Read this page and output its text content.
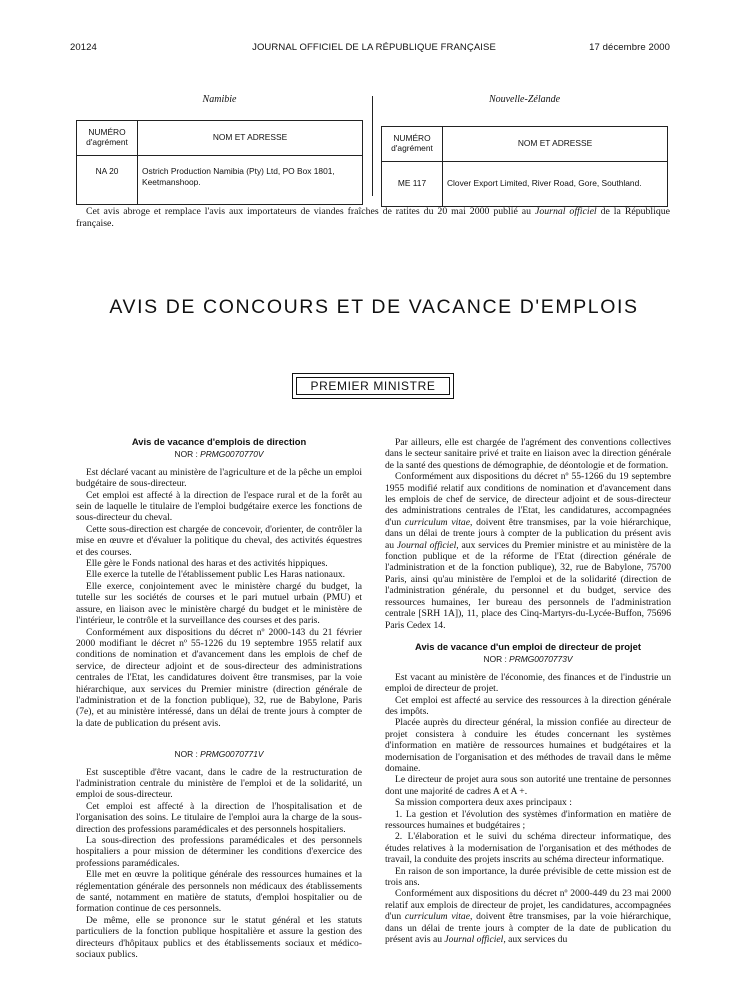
20124	JOURNAL OFFICIEL DE LA RÉPUBLIQUE FRANÇAISE	17 décembre 2000
Namibie
NUMÉRO d'agrément	NOM ET ADRESSE
NA 20	Ostrich Production Namibia (Pty) Ltd, PO Box 1801, Keetmanshoop.
Nouvelle-Zélande
NUMÉRO d'agrément	NOM ET ADRESSE
ME 117	Clover Export Limited, River Road, Gore, Southland.
Cet avis abroge et remplace l'avis aux importateurs de viandes fraîches de ratites du 20 mai 2000 publié au Journal officiel de la République française.
AVIS DE CONCOURS ET DE VACANCE D'EMPLOIS
PREMIER MINISTRE

Avis de vacance d'emplois de direction

NOR : PRMG0070770V

Est déclaré vacant au ministère de l'agriculture et de la pêche un emploi budgétaire de sous-directeur.

Cet emploi est affecté à la direction de l'espace rural et de la forêt au sein de laquelle le titulaire de l'emploi budgétaire exerce les fonctions de sous-directeur du cheval.

Cette sous-direction est chargée de concevoir, d'orienter, de contrôler la mise en œuvre et d'évaluer la politique du cheval, des activités équestres et des courses.

Elle gère le Fonds national des haras et des activités hippiques.

Elle exerce la tutelle de l'établissement public Les Haras nationaux.

Elle exerce, conjointement avec le ministère chargé du budget, la tutelle sur les sociétés de courses et le pari mutuel urbain (PMU) et assure, en liaison avec le ministère chargé du budget et le ministère de l'intérieur, le contrôle et la surveillance des courses et des paris.

Conformément aux dispositions du décret nº 2000-143 du 21 février 2000 modifiant le décret nº 55-1226 du 19 septembre 1955 relatif aux conditions de nomination et d'avancement dans les emplois de chef de service, de directeur adjoint et de sous-directeur des administrations centrales de l'Etat, les candidatures doivent être transmises, par la voie hiérarchique, aux services du Premier ministre (direction générale de l'administration et de la fonction publique), 32, rue de Babylone, Paris (7e), et au ministère intéressé, dans un délai de trente jours à compter de la date de publication du présent avis.

NOR : PRMG0070771V

Est susceptible d'être vacant, dans le cadre de la restructuration de l'administration centrale du ministère de l'emploi et de la solidarité, un emploi de sous-directeur.

Cet emploi est affecté à la direction de l'hospitalisation et de l'organisation des soins. Le titulaire de l'emploi aura la charge de la sous-direction des professions paramédicales et des personnels hospitaliers.

La sous-direction des professions paramédicales et des personnels hospitaliers a pour mission de déterminer les conditions d'exercice des professions paramédicales.

Elle met en œuvre la politique générale des ressources humaines et la réglementation générale des personnels non médicaux des établissements de santé, notamment en matière de statuts, d'emploi hospitalier ou de formation continue de ces personnels.

De même, elle se prononce sur le statut général et les statuts particuliers de la fonction publique hospitalière et assure la gestion des directeurs d'hôpitaux publics et des établissements sociaux et médico-sociaux publics.

Par ailleurs, elle est chargée de l'agrément des conventions collectives dans le secteur sanitaire privé et traite en liaison avec la direction générale de la santé des questions de démographie, de déontologie et de formation.

Conformément aux dispositions du décret nº 55-1266 du 19 septembre 1955 modifié relatif aux conditions de nomination et d'avancement dans les emplois de chef de service, de directeur adjoint et de sous-directeur des administrations centrales de l'Etat, les candidatures, accompagnées d'un curriculum vitae, doivent être transmises, par la voie hiérarchique, dans un délai de trente jours à compter de la publication du présent avis au Journal officiel, aux services du Premier ministre et au ministère de la fonction publique et de la réforme de l'Etat (direction générale de l'administration et de la fonction publique), 32, rue de Babylone, 75700 Paris, ainsi qu'au ministère de l'emploi et de la solidarité (direction de l'administration générale, du personnel et du budget, service des ressources humaines, 1er bureau des personnels de l'administration centrale [SRH 1A]), 11, place des Cinq-Martyrs-du-Lycée-Buffon, 75696 Paris Cedex 14.

Avis de vacance d'un emploi de directeur de projet

NOR : PRMG0070773V

Est vacant au ministère de l'économie, des finances et de l'industrie un emploi de directeur de projet.

Cet emploi est affecté au service des ressources à la direction générale des impôts.

Placée auprès du directeur général, la mission confiée au directeur de projet consistera à conduire les études concernant les systèmes d'information en matière de ressources humaines et budgétaires et la modernisation de l'organisation et des méthodes de travail dans le même domaine.

Le directeur de projet aura sous son autorité une trentaine de personnes dont une majorité de cadres A et A +.

Sa mission comportera deux axes principaux :

1. La gestion et l'évolution des systèmes d'information en matière de ressources humaines et budgétaires ;

2. L'élaboration et le suivi du schéma directeur informatique, des études relatives à la modernisation de l'organisation et des méthodes de travail, la conduite des projets inscrits au schéma directeur informatique.

En raison de son importance, la durée prévisible de cette mission est de trois ans.

Conformément aux dispositions du décret nº 2000-449 du 23 mai 2000 relatif aux emplois de directeur de projet, les candidatures, accompagnées d'un curriculum vitae, doivent être transmises, par la voie hiérarchique, dans un délai de trente jours à compter de la date de publication du présent avis au Journal officiel, aux services du
